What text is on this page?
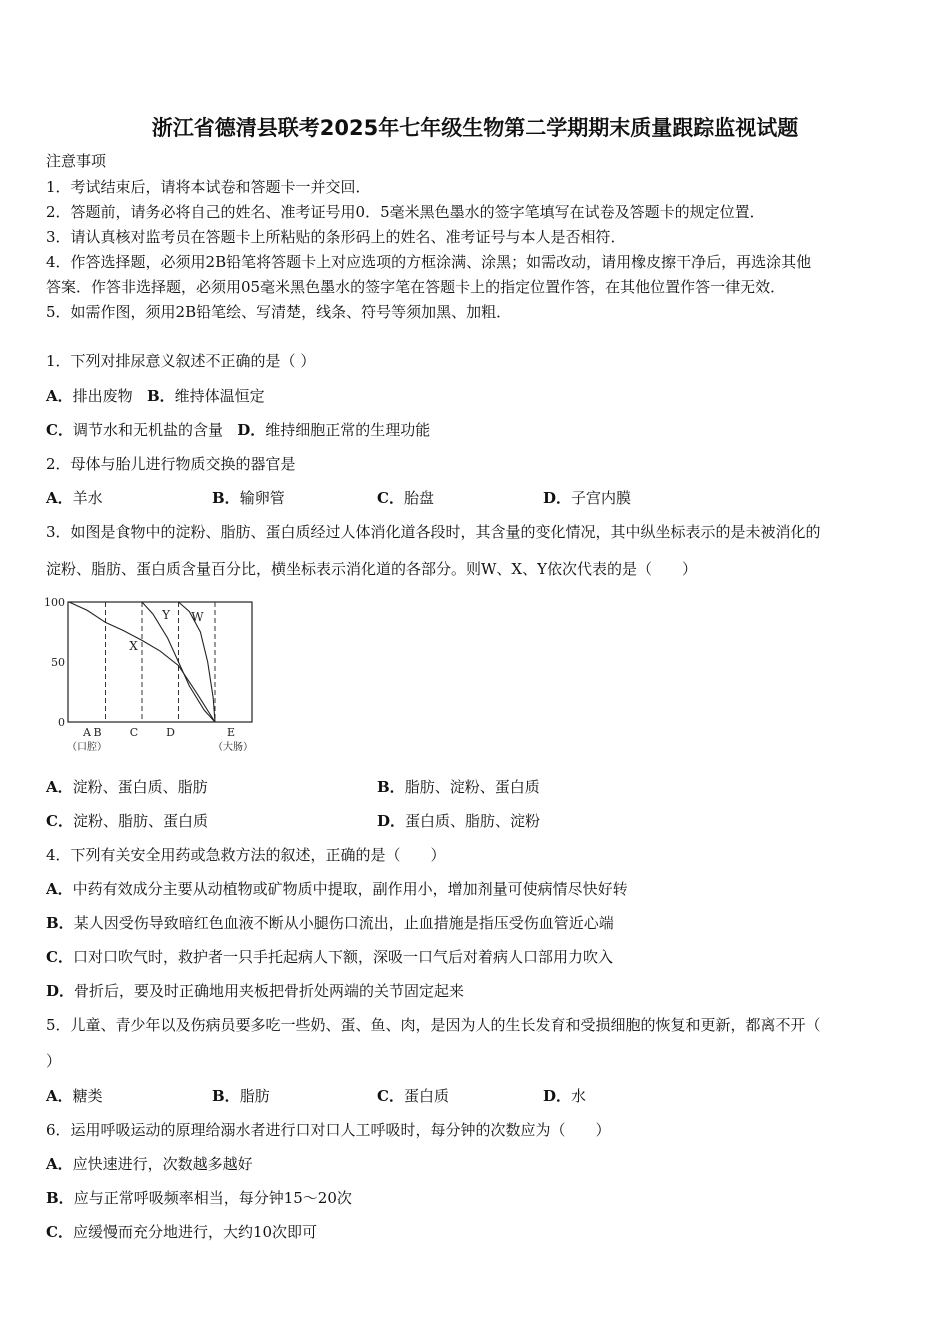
浙江省德清县联考2025年七年级生物第二学期期末质量跟踪监视试题
注意事项
1．考试结束后，请将本试卷和答题卡一并交回．
2．答题前，请务必将自己的姓名、准考证号用0．5毫米黑色墨水的签字笔填写在试卷及答题卡的规定位置．
3．请认真核对监考员在答题卡上所粘贴的条形码上的姓名、准考证号与本人是否相符．
4．作答选择题，必须用2B铅笔将答题卡上对应选项的方框涂满、涂黑；如需改动，请用橡皮擦干净后，再选涂其他
答案．作答非选择题，必须用05毫米黑色墨水的签字笔在答题卡上的指定位置作答，在其他位置作答一律无效．
5．如需作图，须用2B铅笔绘、写清楚，线条、符号等须加黑、加粗．
1．下列对排尿意义叙述不正确的是（ ）
A．排出废物 B．维持体温恒定
C．调节水和无机盐的含量 D．维持细胞正常的生理功能
2．母体与胎儿进行物质交换的器官是
A．羊水	B．输卵管	C．胎盘	D．子宫内膜
3．如图是食物中的淀粉、脂肪、蛋白质经过人体消化道各段时，其含量的变化情况，其中纵坐标表示的是未被消化的
淀粉、脂肪、蛋白质含量百分比，横坐标表示消化道的各部分。则W、X、Y依次代表的是（　　）
100
50
0
A B	C	D	E
（口腔）	（大肠）
X
Y W
A．淀粉、蛋白质、脂肪	B．脂肪、淀粉、蛋白质
C．淀粉、脂肪、蛋白质	D．蛋白质、脂肪、淀粉
4．下列有关安全用药或急救方法的叙述，正确的是（　　）
A．中药有效成分主要从动植物或矿物质中提取，副作用小，增加剂量可使病情尽快好转
B．某人因受伤导致暗红色血液不断从小腿伤口流出，止血措施是指压受伤血管近心端
C．口对口吹气时，救护者一只手托起病人下额，深吸一口气后对着病人口部用力吹入
D．骨折后，要及时正确地用夹板把骨折处两端的关节固定起来
5．儿童、青少年以及伤病员要多吃一些奶、蛋、鱼、肉，是因为人的生长发育和受损细胞的恢复和更新，都离不开（
）
A．糖类	B．脂肪	C．蛋白质	D．水
6．运用呼吸运动的原理给溺水者进行口对口人工呼吸时，每分钟的次数应为（　　）
A．应快速进行，次数越多越好
B．应与正常呼吸频率相当，每分钟15～20次
C．应缓慢而充分地进行，大约10次即可
